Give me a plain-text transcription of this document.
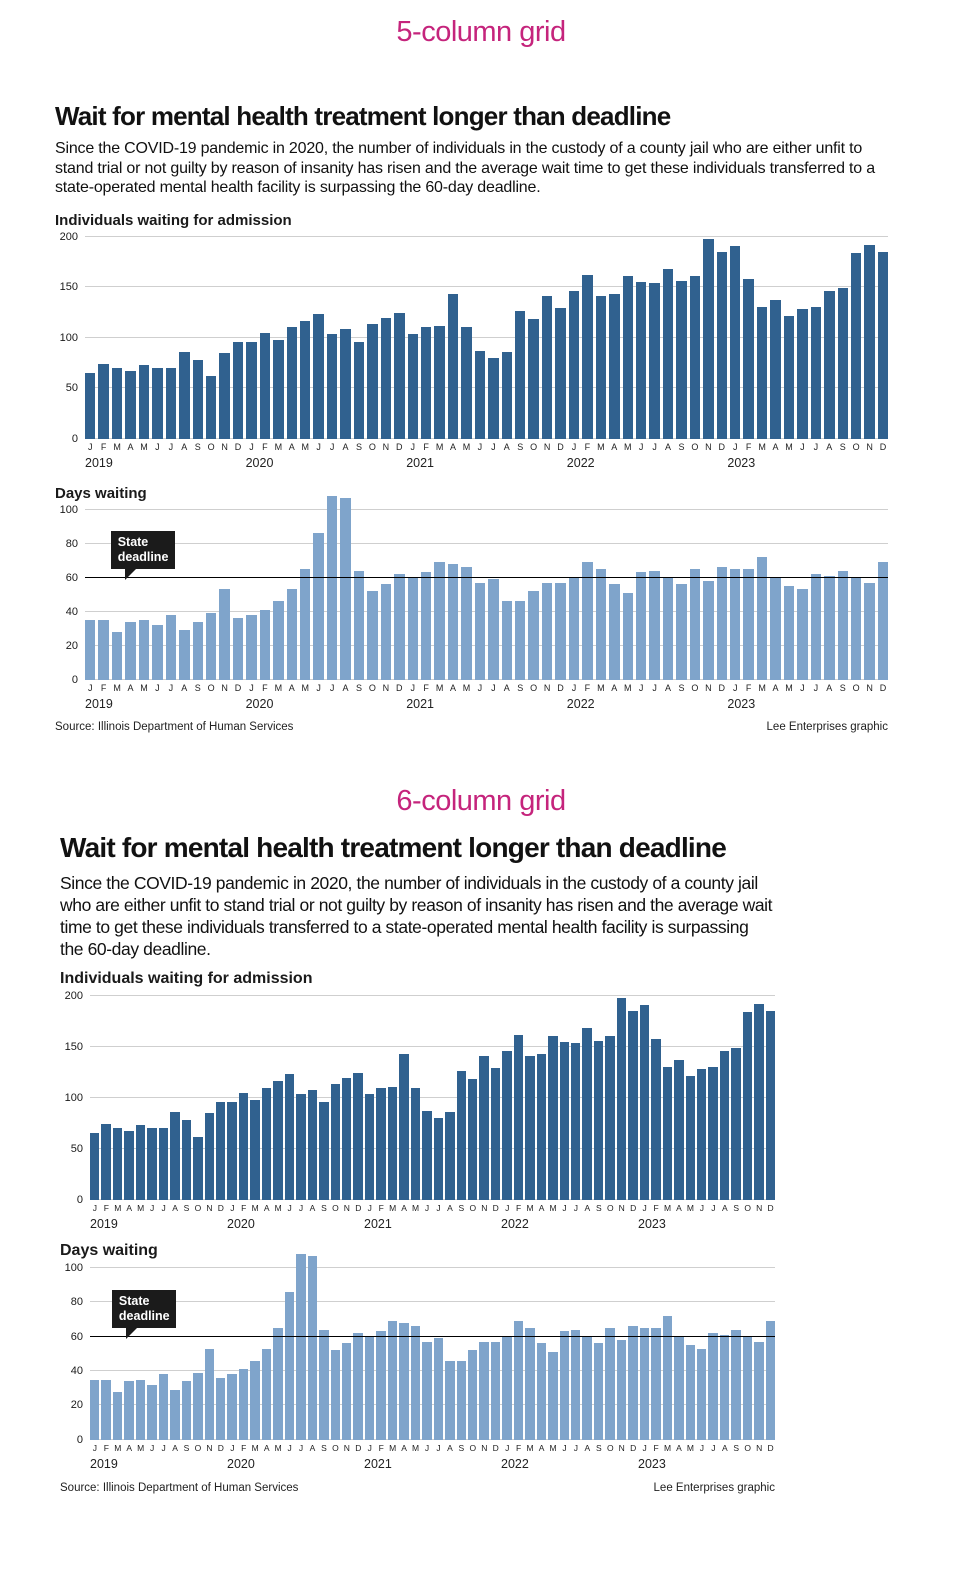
5-column grid
Wait for mental health treatment longer than deadline

Since the COVID-19 pandemic in 2020, the number of individuals in the custody of a county jail who are either unfit to stand trial or not guilty by reason of insanity has risen and the average wait time to get these individuals transferred to a state-operated mental health facility is surpassing the 60-day deadline.

Individuals waiting for admission
0
50
100
150
200
J F M A M J J A S O N D J F M A M J J A S O N D J F M A M J J A S O N D J F M A M J J A S O N D J F M A M J J A S O N D
2019	2020	2021	2022	2023
Days waiting
0
20
40
60
80
100
State
deadline
J F M A M J J A S O N D J F M A M J J A S O N D J F M A M J J A S O N D J F M A M J J A S O N D J F M A M J J A S O N D
2019	2020	2021	2022	2023
Source: Illinois Department of Human Services	Lee Enterprises graphic
6-column grid
Wait for mental health treatment longer than deadline

Since the COVID-19 pandemic in 2020, the number of individuals in the custody of a county jail who are either unfit to stand trial or not guilty by reason of insanity has risen and the average wait time to get these individuals transferred to a state-operated mental health facility is surpassing the 60-day deadline.

Individuals waiting for admission
0
50
100
150
200
J F M A M J J A S O N D J F M A M J J A S O N D J F M A M J J A S O N D J F M A M J J A S O N D J F M A M J J A S O N D
2019	2020	2021	2022	2023
Days waiting
0
20
40
60
80
100
State
deadline
J F M A M J J A S O N D J F M A M J J A S O N D J F M A M J J A S O N D J F M A M J J A S O N D J F M A M J J A S O N D
2019	2020	2021	2022	2023
Source: Illinois Department of Human Services	Lee Enterprises graphic
